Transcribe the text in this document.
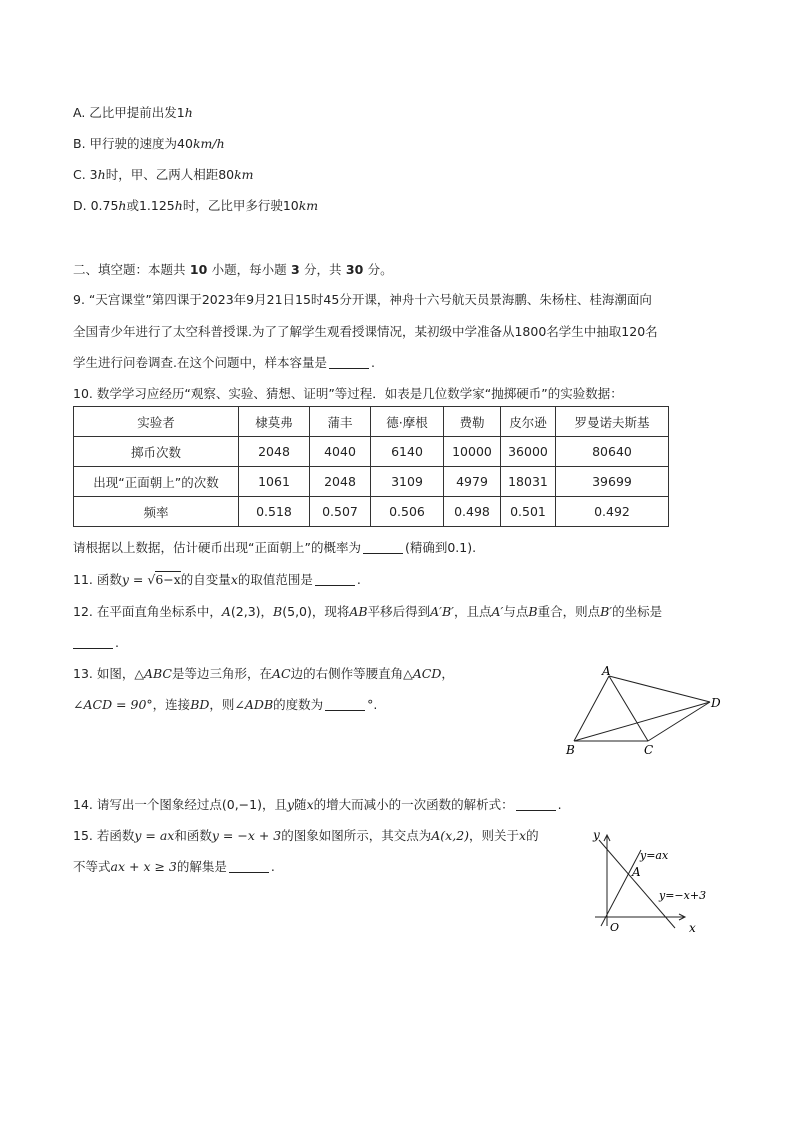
A. 乙比甲提前出发1h
B. 甲行驶的速度为40km/h
C. 3h时，甲、乙两人相距80km
D. 0.75h或1.125h时，乙比甲多行驶10km
二、填空题：本题共 10 小题，每小题 3 分，共 30 分。
9. “天宫课堂”第四课于2023年9月21日15时45分开课，神舟十六号航天员景海鹏、朱杨柱、桂海潮面向
全国青少年进行了太空科普授课.为了了解学生观看授课情况，某初级中学准备从1800名学生中抽取120名
学生进行问卷调查.在这个问题中，样本容量是	.
10. 数学学习应经历“观察、实验、猜想、证明”等过程．如表是几位数学家“抛掷硬币”的实验数据：
实验者	棣莫弗	蒲丰	德·摩根	费勒	皮尔逊	罗曼诺夫斯基
掷币次数	2048	4040	6140	10000	36000	80640
出现“正面朝上”的次数	1061	2048	3109	4979	18031	39699
频率	0.518	0.507	0.506	0.498	0.501	0.492
请根据以上数据，估计硬币出现“正面朝上”的概率为	(精确到0.1).
11. 函数y = √6−x的自变量x的取值范围是	.
12. 在平面直角坐标系中，A(2,3)，B(5,0)，现将AB平移后得到A′B′，且点A′与点B重合，则点B′的坐标是
.
13. 如图，△ABC是等边三角形，在AC边的右侧作等腰直角△ACD，
∠ACD = 90°，连接BD，则∠ADB的度数为	°.
A
B	C
D
14. 请写出一个图象经过点(0,−1)，且y随x的增大而减小的一次函数的解析式：	.
15. 若函数y = ax和函数y = −x + 3的图象如图所示，其交点为A(x,2)，则关于x的
不等式ax + x ≥ 3的解集是	.
y
x
O
A
y=ax
y=−x+3
